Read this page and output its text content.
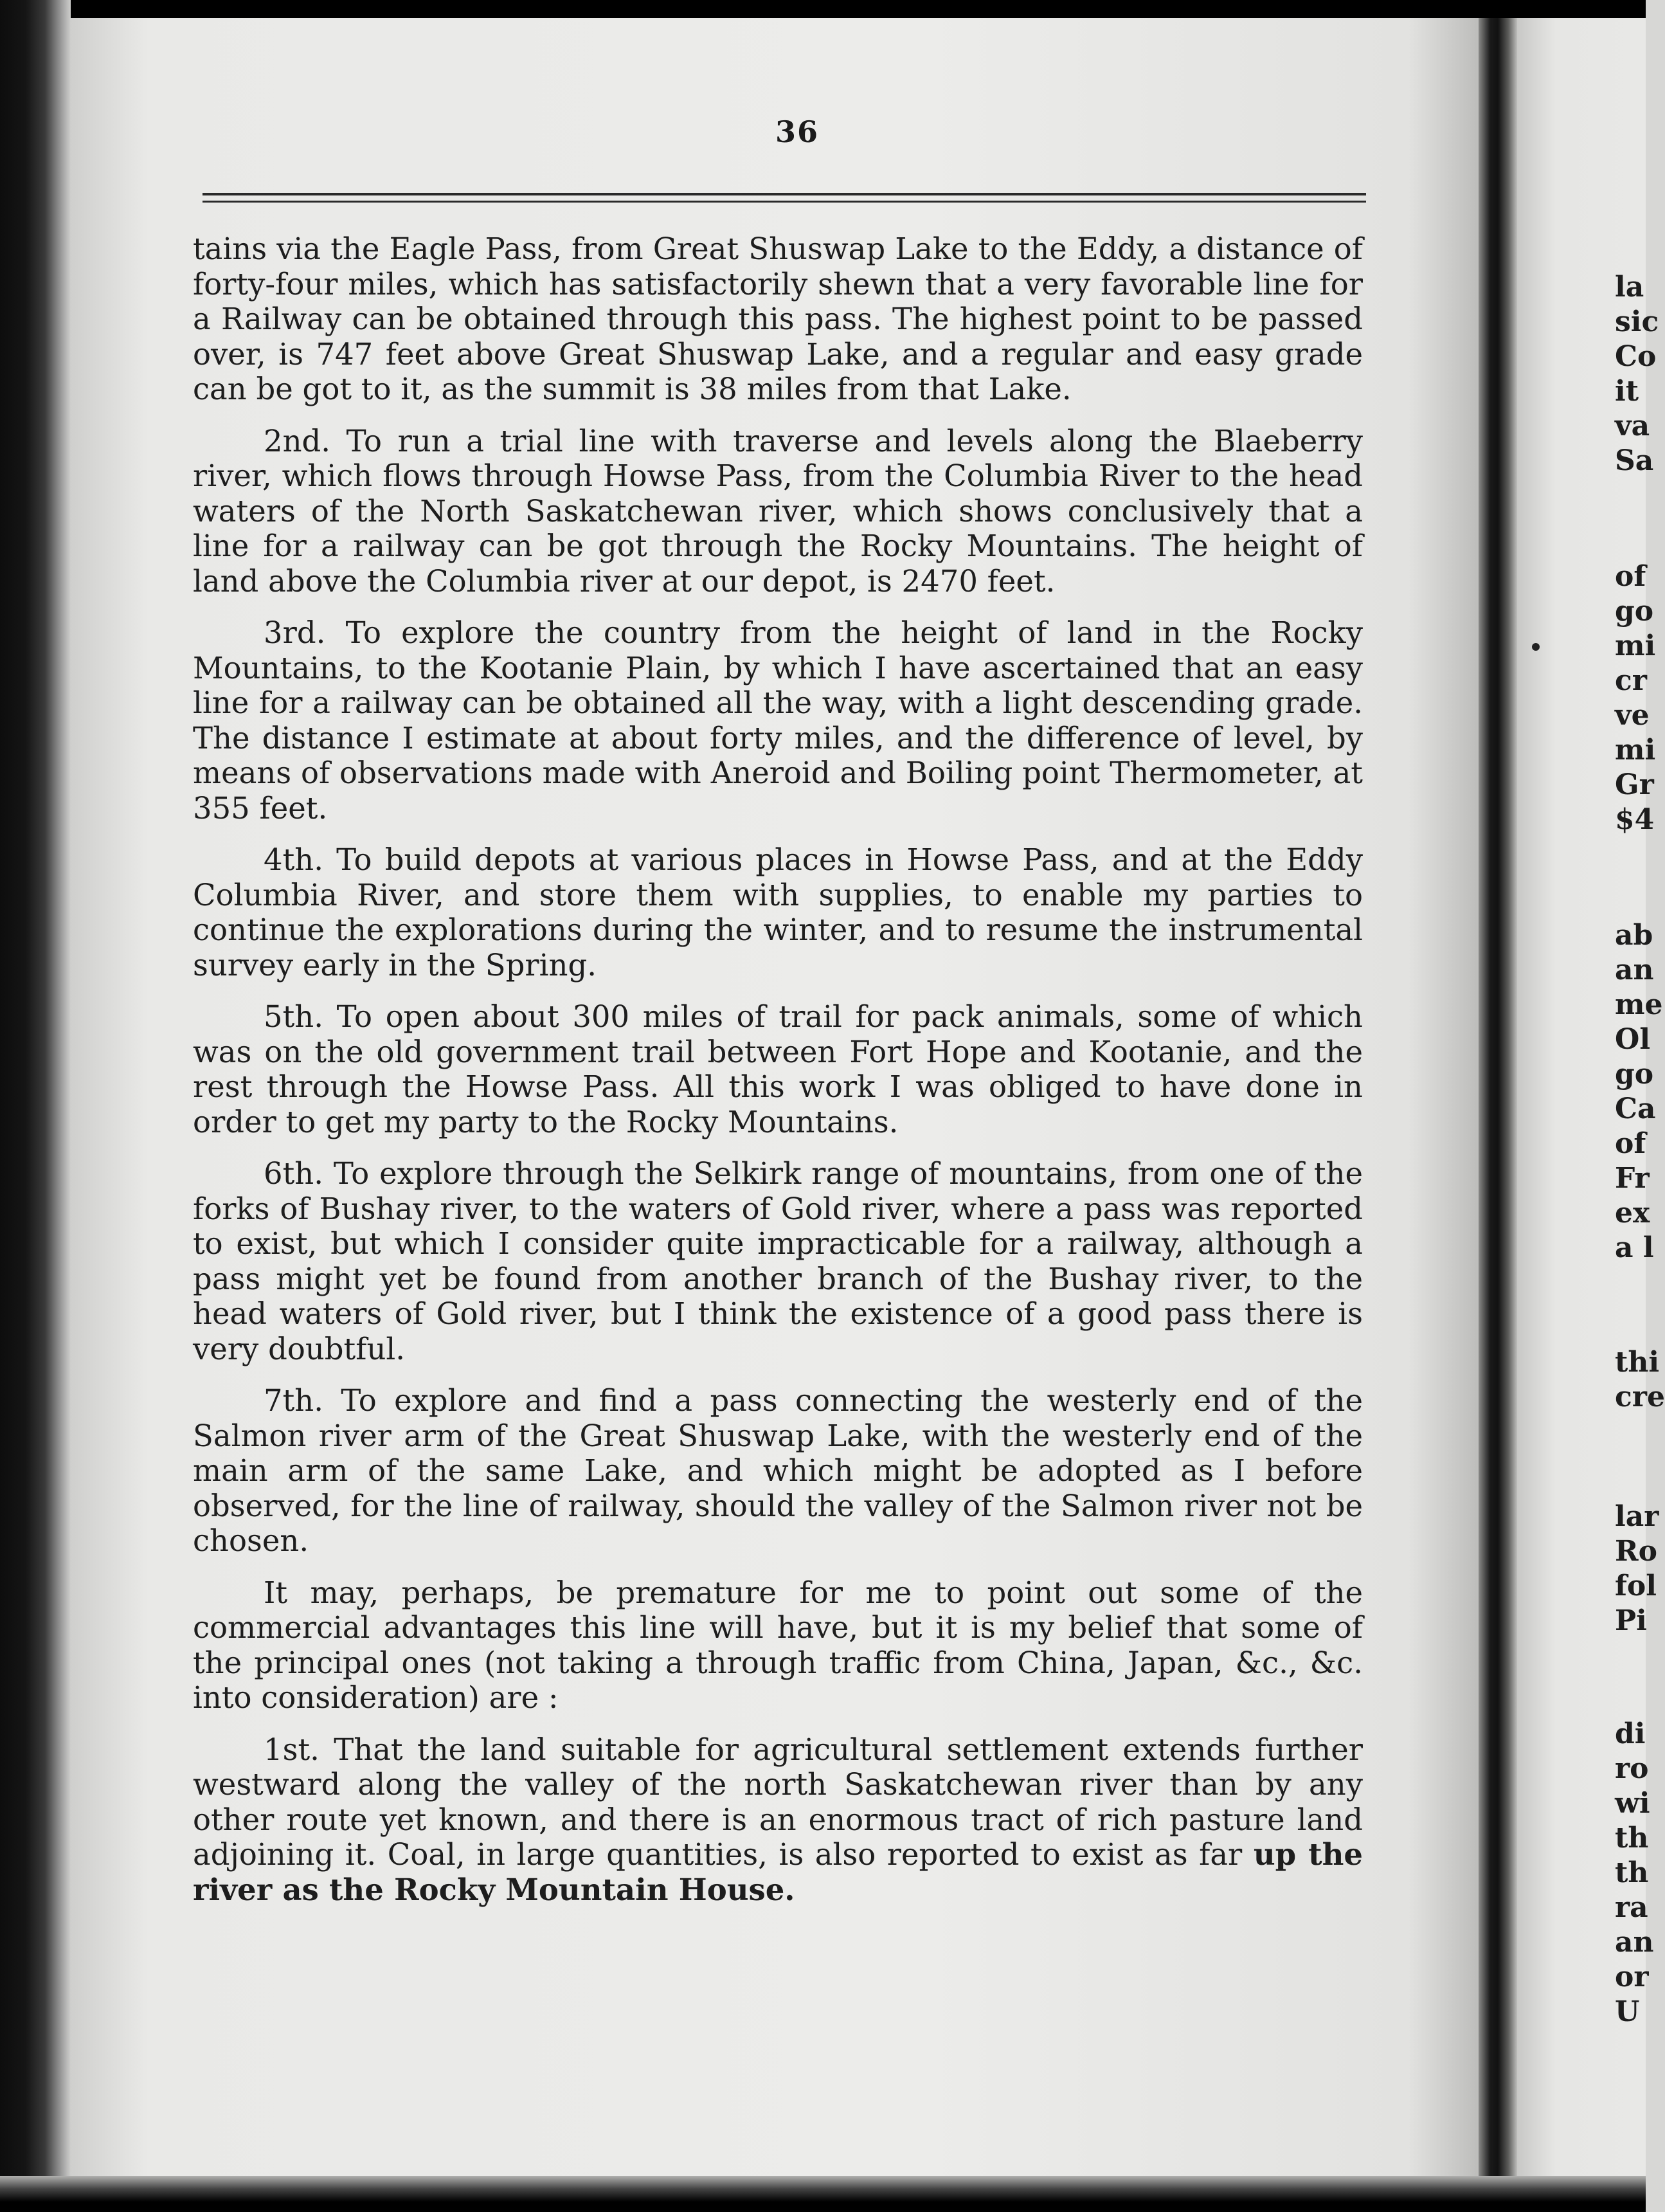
36

tains via the Eagle Pass, from Great Shuswap Lake to the Eddy, a distance of forty-four miles, which has satisfactorily shewn that a very favorable line for a Railway can be obtained through this pass. The highest point to be passed over, is 747 feet above Great Shuswap Lake, and a regular and easy grade can be got to it, as the summit is 38 miles from that Lake.

2nd. To run a trial line with traverse and levels along the Blaeberry river, which flows through Howse Pass, from the Columbia River to the head waters of the North Saskatchewan river, which shows conclusively that a line for a railway can be got through the Rocky Mountains. The height of land above the Columbia river at our depot, is 2470 feet.

3rd. To explore the country from the height of land in the Rocky Mountains, to the Kootanie Plain, by which I have ascertained that an easy line for a railway can be obtained all the way, with a light descending grade. The distance I estimate at about forty miles, and the difference of level, by means of observations made with Aneroid and Boiling point Thermometer, at 355 feet.

4th. To build depots at various places in Howse Pass, and at the Eddy Columbia River, and store them with supplies, to enable my parties to continue the explorations during the winter, and to resume the instrumental survey early in the Spring.

5th. To open about 300 miles of trail for pack animals, some of which was on the old government trail between Fort Hope and Kootanie, and the rest through the Howse Pass. All this work I was obliged to have done in order to get my party to the Rocky Mountains.

6th. To explore through the Selkirk range of mountains, from one of the forks of Bushay river, to the waters of Gold river, where a pass was reported to exist, but which I consider quite impracticable for a railway, although a pass might yet be found from another branch of the Bushay river, to the head waters of Gold river, but I think the existence of a good pass there is very doubtful.

7th. To explore and find a pass connecting the westerly end of the Salmon river arm of the Great Shuswap Lake, with the westerly end of the main arm of the same Lake, and which might be adopted as I before observed, for the line of railway, should the valley of the Salmon river not be chosen.

It may, perhaps, be premature for me to point out some of the commercial advantages this line will have, but it is my belief that some of the principal ones (not taking a through traffic from China, Japan, &c., &c. into consideration) are :

1st. That the land suitable for agricultural settlement extends further westward along the valley of the north Saskatchewan river than by any other route yet known, and there is an enormous tract of rich pasture land adjoining it. Coal, in large quantities, is also reported to exist as far up the river as the Rocky Mountain House.

la
sic
Co
it
va
Sa
of
go
mi
cr
ve
mi
Gr
$4
ab
an
me
Ol
go
Ca
of
Fr
ex
a l
thi
cre
lar
Ro
fol
Pi
di
ro
wi
th
th
ra
an
or
U
